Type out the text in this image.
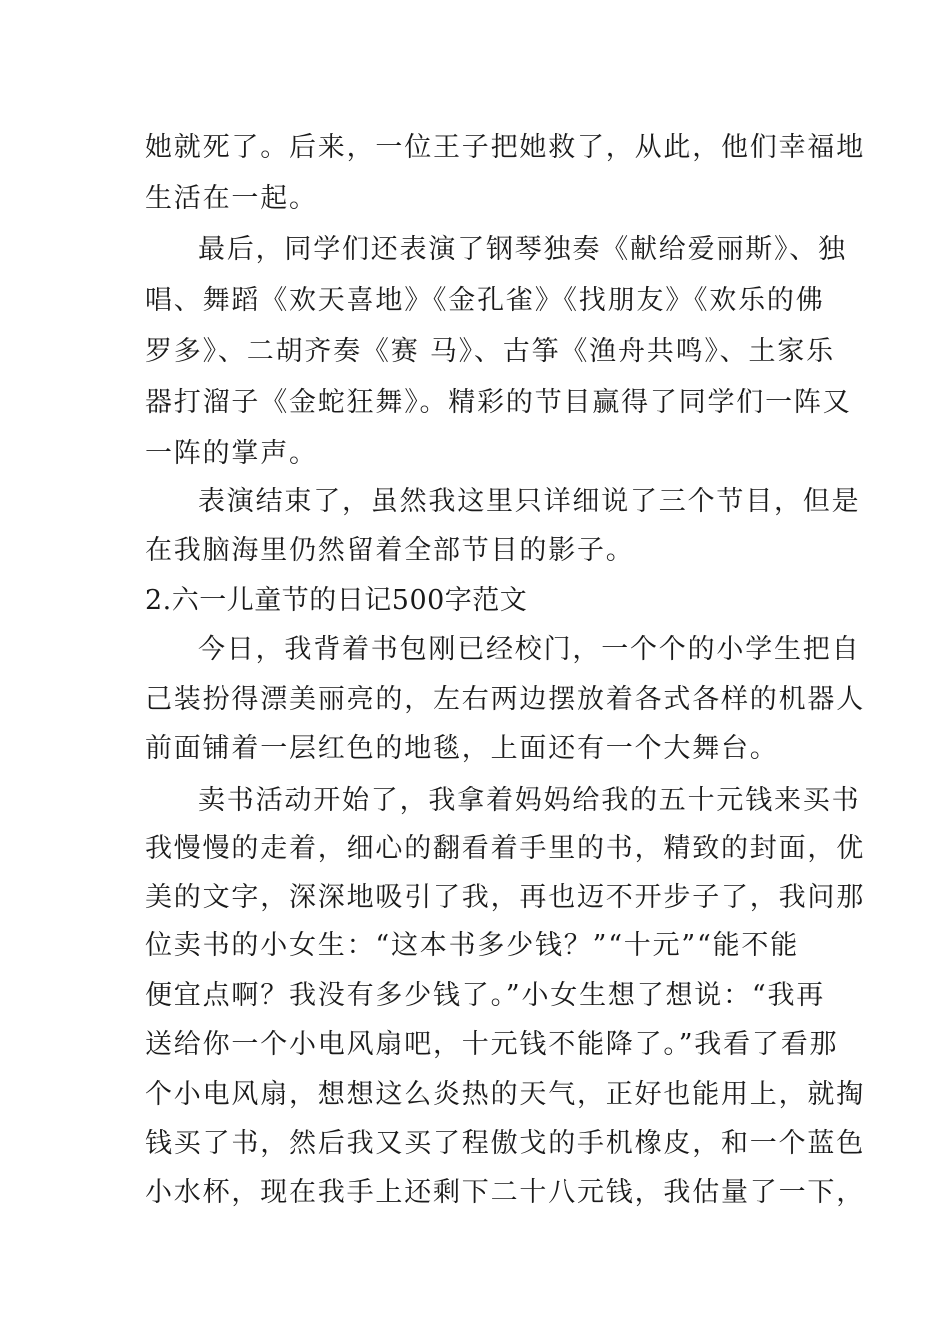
她就死了。后来，一位王子把她救了，从此，他们幸福地
生活在一起。
最后，同学们还表演了钢琴独奏《献给爱丽斯》、独
唱、舞蹈《欢天喜地》《金孔雀》《找朋友》《欢乐的佛
罗多》、二胡齐奏《赛 马》、古筝《渔舟共鸣》、土家乐
器打溜子《金蛇狂舞》。精彩的节目赢得了同学们一阵又
一阵的掌声。
表演结束了，虽然我这里只详细说了三个节目，但是
在我脑海里仍然留着全部节目的影子。
2.六一儿童节的日记500字范文
今日，我背着书包刚已经校门，一个个的小学生把自
己装扮得漂美丽亮的，左右两边摆放着各式各样的机器人
前面铺着一层红色的地毯，上面还有一个大舞台。
卖书活动开始了，我拿着妈妈给我的五十元钱来买书
我慢慢的走着，细心的翻看着手里的书，精致的封面，优
美的文字，深深地吸引了我，再也迈不开步子了，我问那
位卖书的小女生：“这本书多少钱？”“十元”“能不能
便宜点啊？我没有多少钱了。”小女生想了想说：“我再
送给你一个小电风扇吧，十元钱不能降了。”我看了看那
个小电风扇，想想这么炎热的天气，正好也能用上，就掏
钱买了书，然后我又买了程傲戈的手机橡皮，和一个蓝色
小水杯，现在我手上还剩下二十八元钱，我估量了一下，
